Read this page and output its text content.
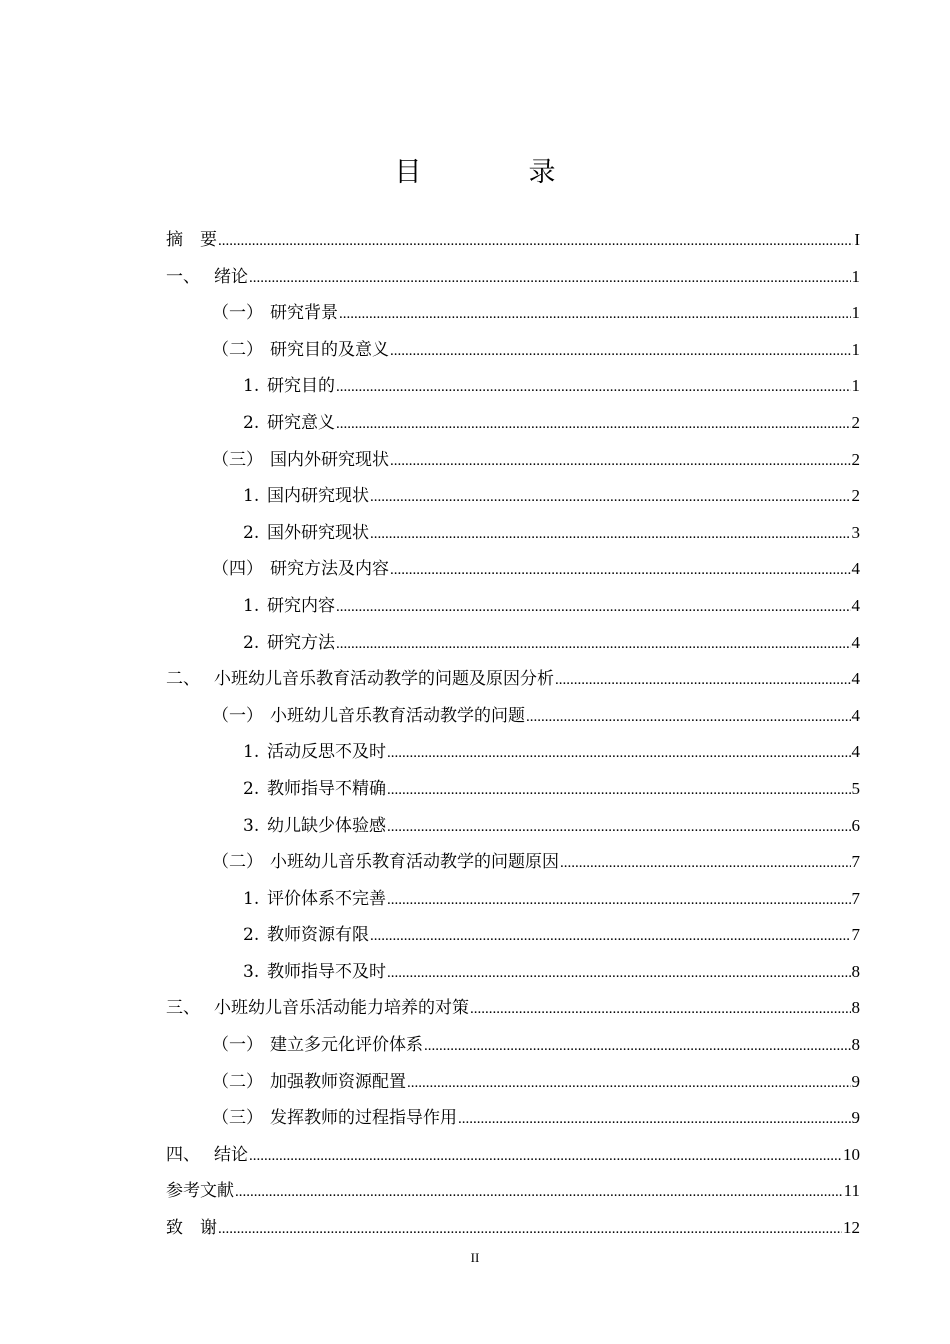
目　录
摘　要 .....	I
一、 绪论 .....	1
（一） 研究背景 .....	1
（二） 研究目的及意义 .....	1
1. 研究目的 .....	1
2. 研究意义 .....	2
（三） 国内外研究现状 .....	2
1. 国内研究现状 .....	2
2. 国外研究现状 .....	3
（四） 研究方法及内容 .....	4
1. 研究内容 .....	4
2. 研究方法 .....	4
二、 小班幼儿音乐教育活动教学的问题及原因分析 .....	4
（一） 小班幼儿音乐教育活动教学的问题 .....	4
1. 活动反思不及时 .....	4
2. 教师指导不精确 .....	5
3. 幼儿缺少体验感 .....	6
（二） 小班幼儿音乐教育活动教学的问题原因 .....	7
1. 评价体系不完善 .....	7
2. 教师资源有限 .....	7
3. 教师指导不及时 .....	8
三、 小班幼儿音乐活动能力培养的对策 .....	8
（一） 建立多元化评价体系 .....	8
（二） 加强教师资源配置 .....	9
（三） 发挥教师的过程指导作用 .....	9
四、 结论 .....	10
参考文献 .....	11
致　谢 .....	12
II
